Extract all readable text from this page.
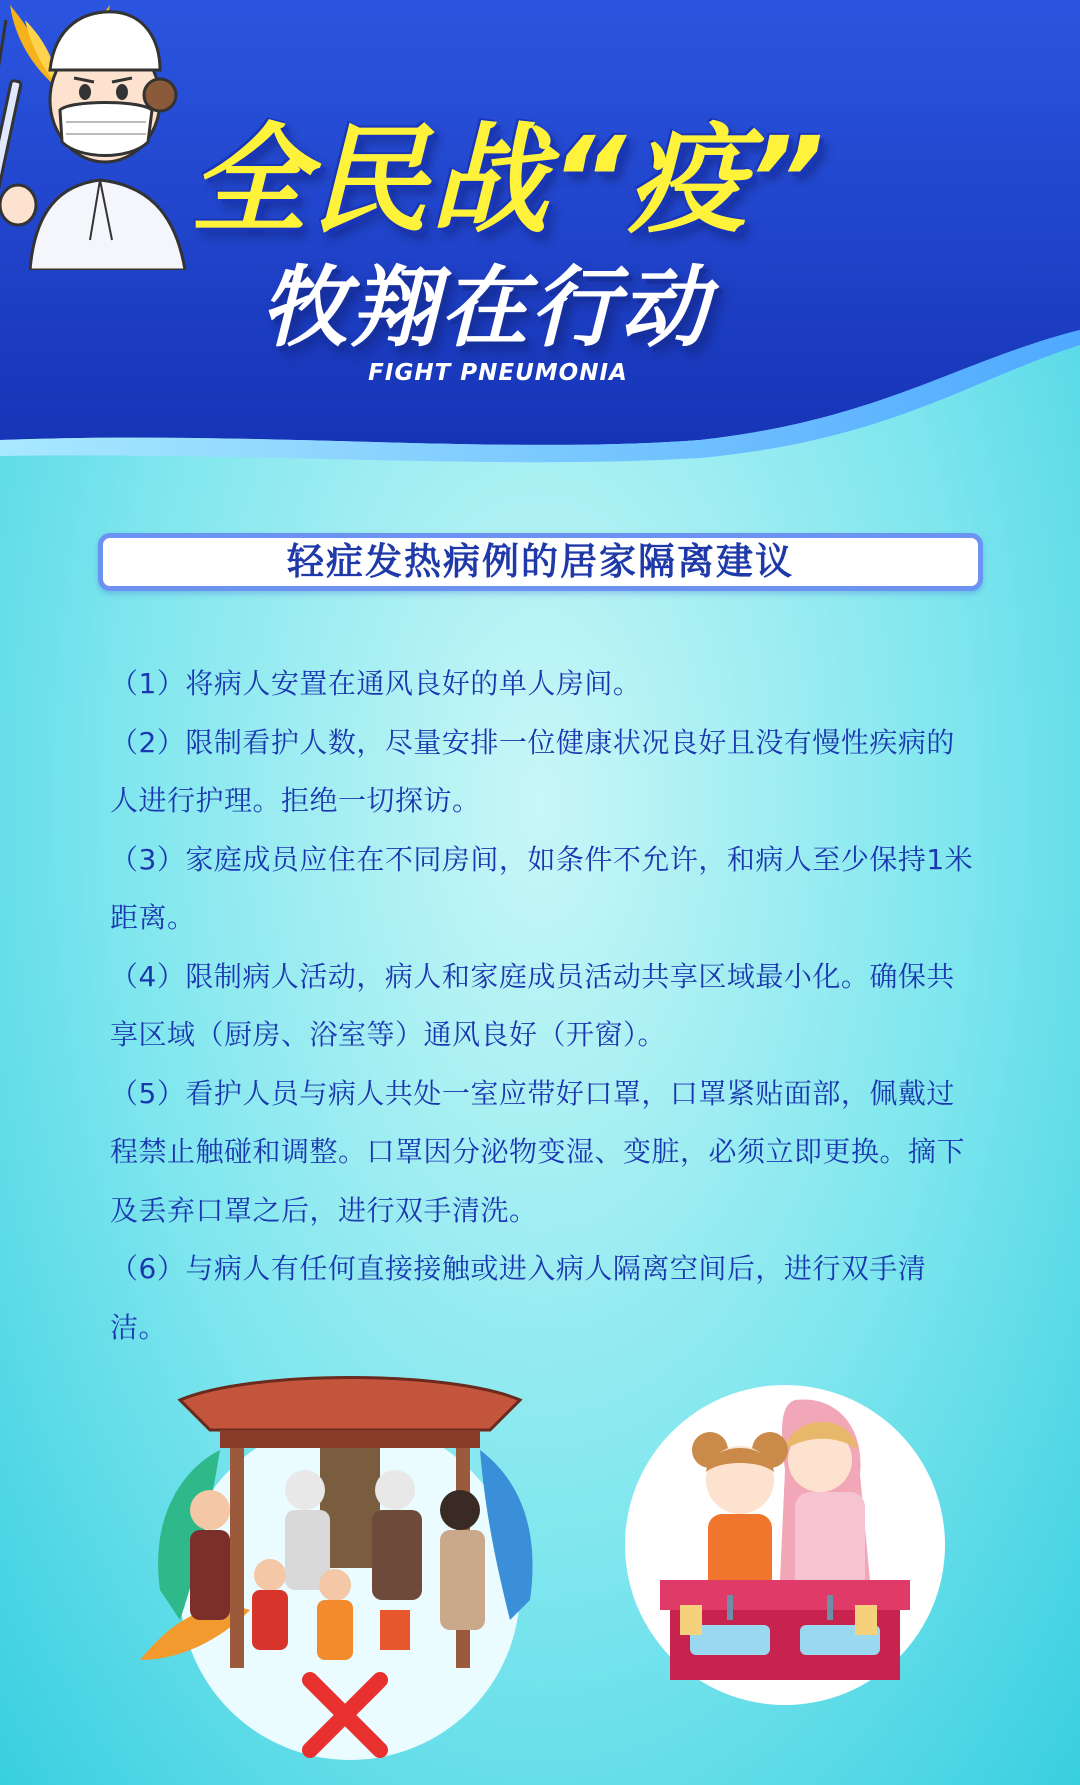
全民战“疫”
牧翔在行动
FIGHT PNEUMONIA
轻症发热病例的居家隔离建议

（1）将病人安置在通风良好的单人房间。

（2）限制看护人数，尽量安排一位健康状况良好且没有慢性疾病的人进行护理。拒绝一切探访。

（3）家庭成员应住在不同房间，如条件不允许，和病人至少保持1米距离。

（4）限制病人活动，病人和家庭成员活动共享区域最小化。确保共享区域（厨房、浴室等）通风良好（开窗）。

（5）看护人员与病人共处一室应带好口罩，口罩紧贴面部，佩戴过程禁止触碰和调整。口罩因分泌物变湿、变脏，必须立即更换。摘下及丢弃口罩之后，进行双手清洗。

（6）与病人有任何直接接触或进入病人隔离空间后，进行双手清洁。
